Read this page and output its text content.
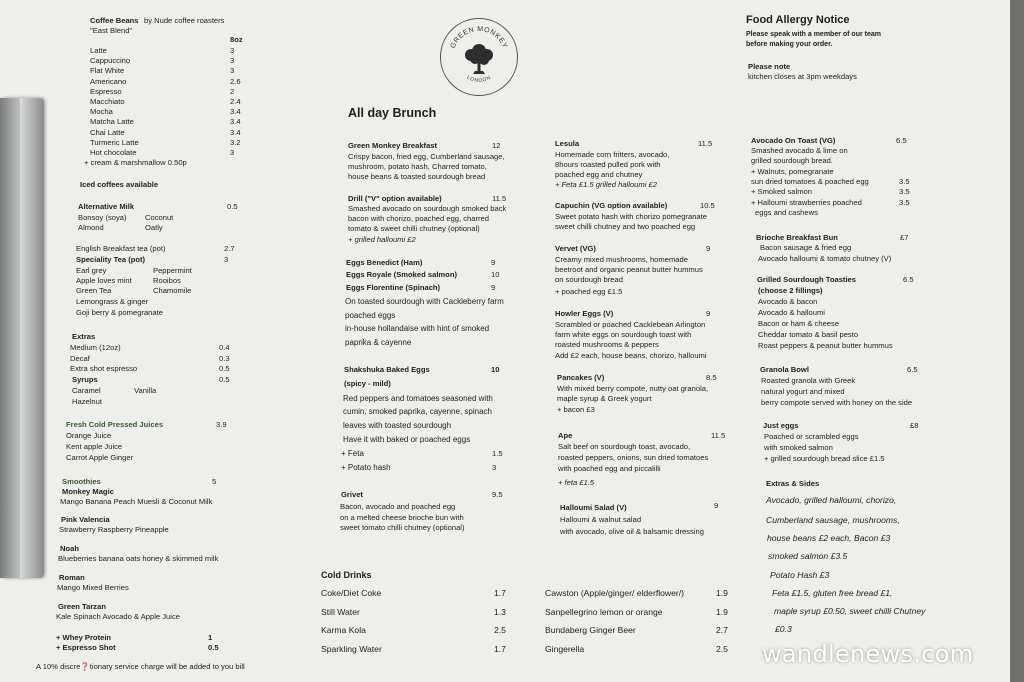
Coffee Beans by Nude coffee roasters
"East Blend"
8oz
Latte	3
Cappuccino	3
Flat White	3
Americano	2.6
Espresso	2
Macchiato	2.4
Mocha	3.4
Matcha Latte	3.4
Chai Latte	3.4
Turmeric Latte	3.2
Hot chocolate	3
+ cream & marshmallow 0.50p
Iced coffees available
Alternative Milk	0.5
Bonsoy (soya) Coconut
Almond	Oatly
English Breakfast tea (pot)	2.7
Speciality Tea (pot)	3
Earl grey	Peppermint
Apple loves mint	Rooibos
Green Tea	Chamomile
Lemongrass & ginger
Goji berry & pomegranate
Extras
Medium (12oz)	0.4
Decaf	0.3
Extra shot espresso	0.5
Syrups	0.5
Caramel	Vanilla
Hazelnut
Fresh Cold Pressed Juices	3.9
Orange Juice
Kent apple Juice
Carrot Apple Ginger
Smoothies	5
Monkey Magic
Mango Banana Peach Muesli & Coconut Milk
Pink Valencia
Strawberry Raspberry Pineapple
Noah
Blueberries banana oats honey & skimmed milk
Roman
Mango Mixed Berries
Green Tarzan
Kale Spinach Avocado & Apple Juice
+ Whey Protein	1
+ Espresso Shot	0.5
A 10% discre❓tionary service charge will be added to you bill
GREEN MONKEY
LONDON
All day Brunch
Green Monkey Breakfast	12
Crispy bacon, fried egg, Cumberland sausage,
mushroom, potato hash, Charred tomato,
house beans & toasted sourdough bread
Drill ("V" option available)	11.5
Smashed avocado on sourdough smoked back
bacon with chorizo, poached egg, charred
tomato & sweet chilli chutney (optional)
+ grilled halloumi £2
Eggs Benedict (Ham)	9
Eggs Royale (Smoked salmon)	10
Eggs Florentine (Spinach)	9
On toasted sourdough with Cackleberry farm
poached eggs
in-house hollandaise with hint of smoked
paprika & cayenne
Shakshuka Baked Eggs	10
(spicy - mild)
Red peppers and tomatoes seasoned with
cumin, smoked paprika, cayenne, spinach
leaves with toasted sourdough
Have it with baked or poached eggs
+ Feta	1.5
+ Potato hash	3
Grivet	9.5
Bacon, avocado and poached egg
on a melted cheese brioche bun with
sweet tomato chilli chutney (optional)
Lesula	11.5
Homemade corn fritters, avocado,
8hours roasted pulled pork with
poached egg and chutney
+ Feta £1.5 grilled halloumi £2
Capuchin (VG option available)	10.5
Sweet potato hash with chorizo pomegranate
sweet chilli chutney and two poached egg
Vervet (VG)	9
Creamy mixed mushrooms, homemade
beetroot and organic peanut butter hummus
on sourdough bread
+ poached egg £1.5
Howler Eggs (V)	9
Scrambled or poached Cacklebean Arlington
farm white eggs on sourdough toast with
roasted mushrooms & peppers
Add £2 each, house beans, chorizo, halloumi
Pancakes (V)	8.5
With mixed berry compote, nutty oat granola,
maple syrup & Greek yogurt
+ bacon £3
Ape	11.5
Salt beef on sourdough toast, avocado,
roasted peppers, onions, sun dried tomatoes
with poached egg and piccalilli
+ feta £1.5
Halloumi Salad (V)	9
Halloumi & walnut salad
with avocado, olive oil & balsamic dressing
Food Allergy Notice
Please speak with a member of our team
before making your order.
Please note
kitchen closes at 3pm weekdays
Avocado On Toast (VG)	6.5
Smashed avocado & lime on
grilled sourdough bread.
+ Walnuts, pomegranate
sun dried tomatoes & poached egg	3.5
+ Smoked salmon	3.5
+ Halloumi strawberries poached	3.5
eggs and cashews
Brioche Breakfast Bun	£7
Bacon sausage & fried egg
Avocado halloumi & tomato chutney (V)
Grilled Sourdough Toasties	6.5
(choose 2 fillings)
Avocado & bacon
Avocado & halloumi
Bacon or ham & cheese
Cheddar tomato & basil pesto
Roast peppers & peanut butter hummus
Granola Bowl	6.5
Roasted granola with Greek
natural yogurt and mixed
berry compote served with honey on the side
Just eggs	£8
Poached or scrambled eggs
with smoked salmon
+ grilled sourdough bread slice £1.5
Extras & Sides
Avocado, grilled halloumi, chorizo,
Cumberland sausage, mushrooms,
house beans £2 each, Bacon £3
smoked salmon £3.5
Potato Hash £3
Feta £1.5, gluten free bread £1,
maple syrup £0.50, sweet chilli Chutney
£0.3
Cold Drinks
Coke/Diet Coke	1.7
Still Water	1.3
Karma Kola	2.5
Sparkling Water	1.7
Cawston (Apple/ginger/ elderflower/)	1.9
Sanpellegrino lemon or orange	1.9
Bundaberg Ginger Beer	2.7
Gingerella	2.5 wandlenews.com
